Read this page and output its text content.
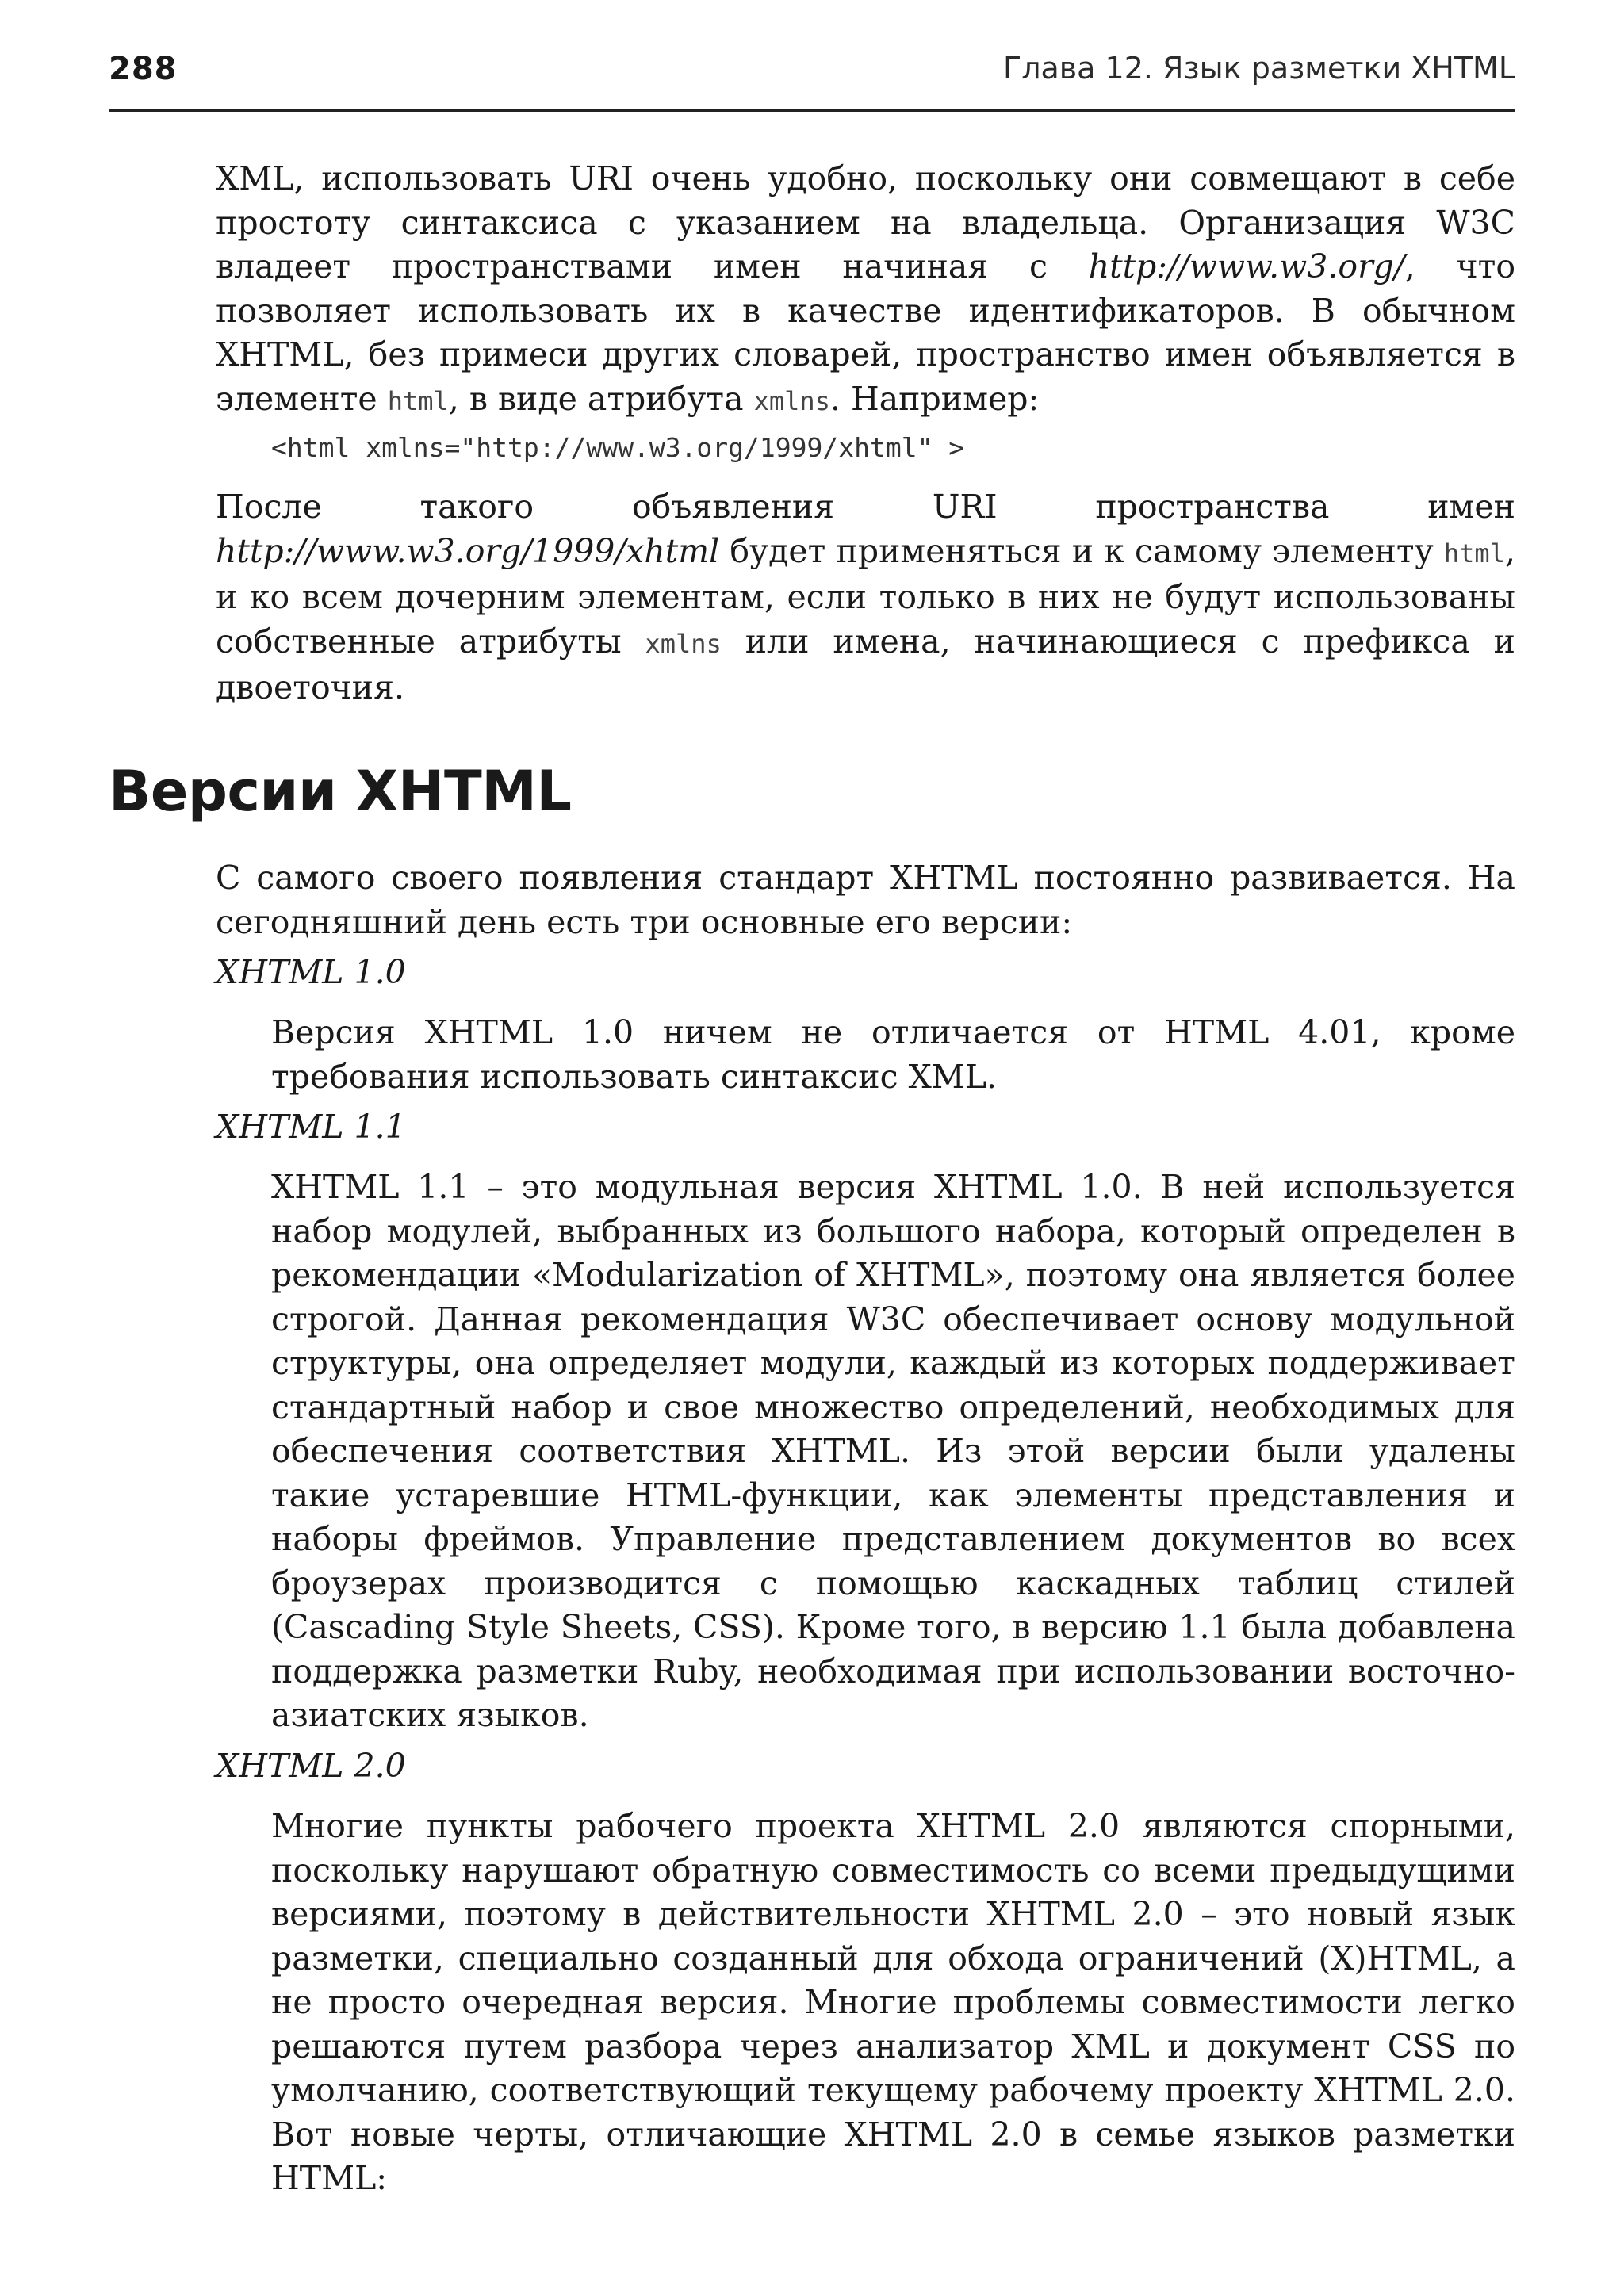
288	Глава 12. Язык разметки XHTML

XML, использовать URI очень удобно, поскольку они совмещают в себе простоту синтаксиса с указанием на владельца. Организация W3C владеет пространствами имен начиная с http://www.w3.org/, что позволяет использовать их в качестве идентификаторов. В обычном XHTML, без примеси других словарей, пространство имен объявляется в элементе html, в виде атрибута xmlns. Например:

<html xmlns="http://www.w3.org/1999/xhtml" >

После такого объявления URI пространства имен http://www.w3.org/1999/xhtml будет применяться и к самому элементу html, и ко всем дочерним элементам, если только в них не будут использованы собственные атрибуты xmlns или имена, начинающиеся с префикса и двоеточия.

Версии XHTML

С самого своего появления стандарт XHTML постоянно развивается. На сегодняшний день есть три основные его версии:

XHTML 1.0

Версия XHTML 1.0 ничем не отличается от HTML 4.01, кроме требования использовать синтаксис XML.

XHTML 1.1

XHTML 1.1 – это модульная версия XHTML 1.0. В ней используется набор модулей, выбранных из большого набора, который определен в рекомендации «Modularization of XHTML», поэтому она является более строгой. Данная рекомендация W3C обеспечивает основу модульной структуры, она определяет модули, каждый из которых поддерживает стандартный набор и свое множество определений, необходимых для обеспечения соответствия XHTML. Из этой версии были удалены такие устаревшие HTML-функции, как элементы представления и наборы фреймов. Управление представлением документов во всех броузерах производится с помощью каскадных таблиц стилей (Cascading Style Sheets, CSS). Кроме того, в версию 1.1 была добавлена поддержка разметки Ruby, необходимая при использовании восточно-азиатских языков.

XHTML 2.0

Многие пункты рабочего проекта XHTML 2.0 являются спорными, поскольку нарушают обратную совместимость со всеми предыдущими версиями, поэтому в действительности XHTML 2.0 – это новый язык разметки, специально созданный для обхода ограничений (X)HTML, а не просто очередная версия. Многие проблемы совместимости легко решаются путем разбора через анализатор XML и документ CSS по умолчанию, соответствующий текущему рабочему проекту XHTML 2.0. Вот новые черты, отличающие XHTML 2.0 в семье языков разметки HTML:
